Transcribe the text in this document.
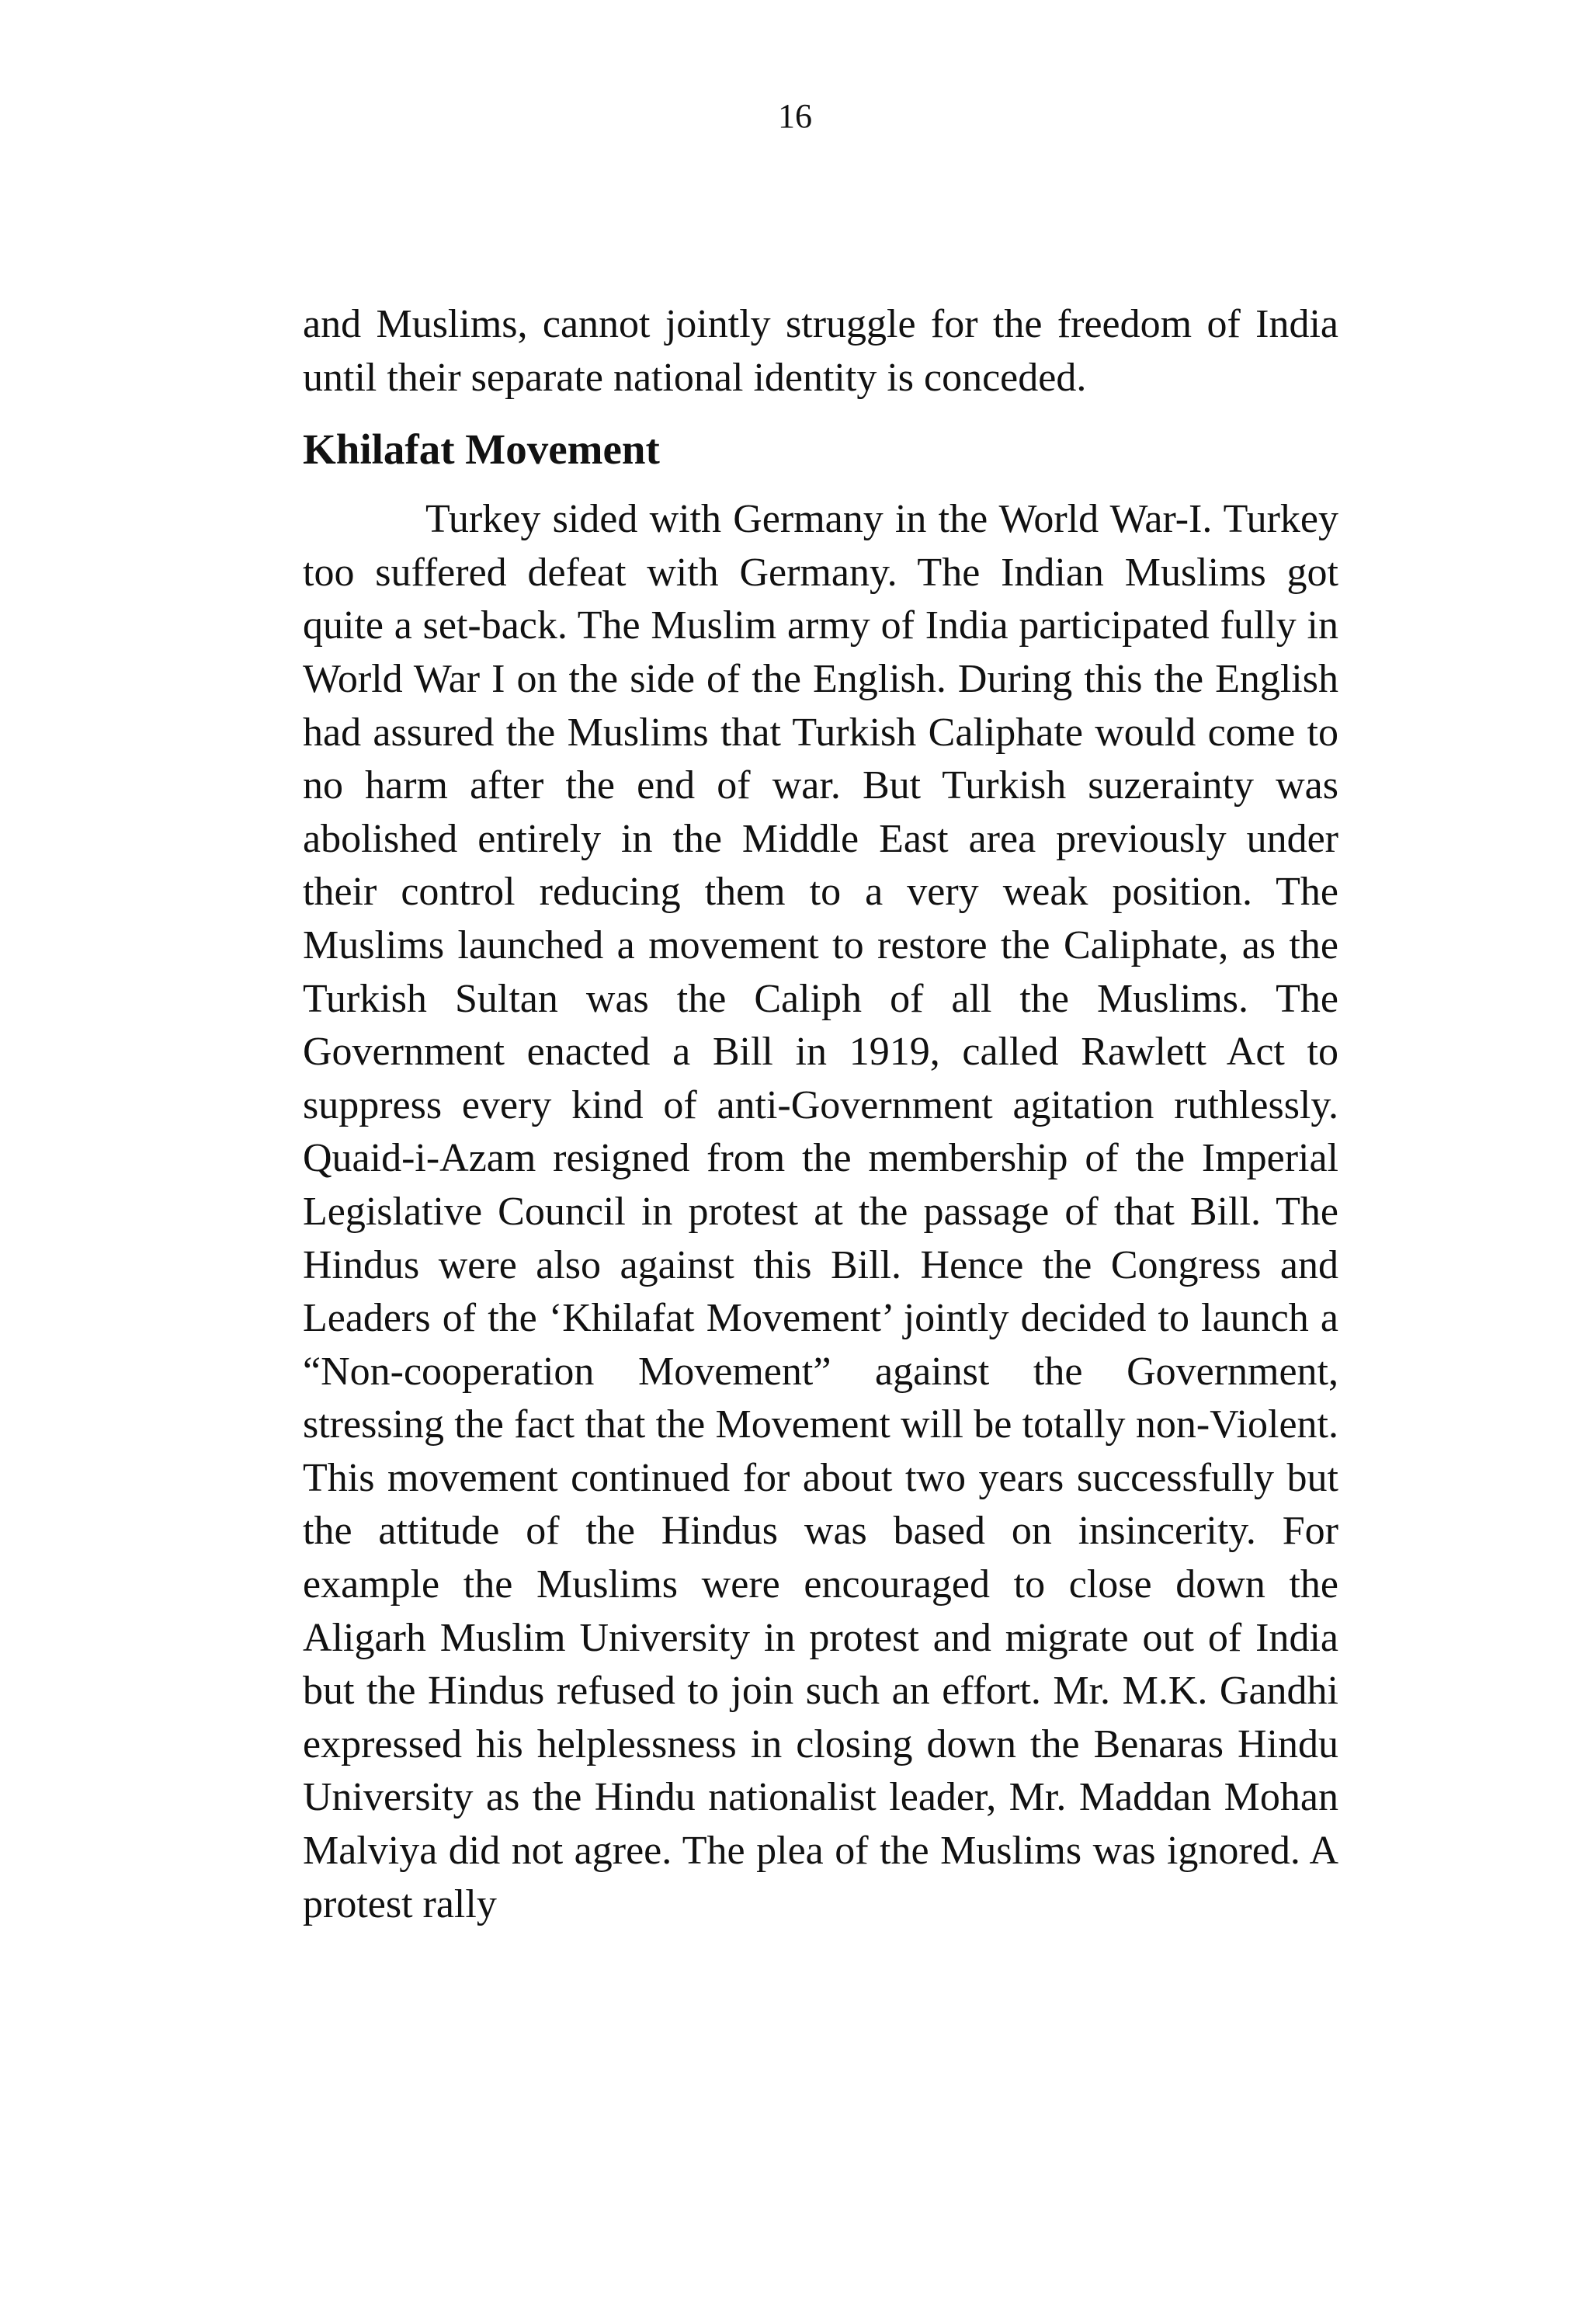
16

and Muslims, cannot jointly struggle for the freedom of India until their separate national identity is conceded.

Khilafat Movement

Turkey sided with Germany in the World War-I. Turkey too suffered defeat with Germany. The Indian Muslims got quite a set-back. The Muslim army of India participated fully in World War I on the side of the English. During this the English had assured the Muslims that Turkish Caliphate would come to no harm after the end of war. But Turkish suzerainty was abolished entirely in the Middle East area previously under their control reducing them to a very weak position. The Muslims launched a movement to restore the Caliphate, as the Turkish Sultan was the Caliph of all the Muslims. The Government enacted a Bill in 1919, called Rawlett Act to suppress every kind of anti-Government agitation ruthlessly. Quaid-i-Azam resigned from the membership of the Imperial Legislative Council in protest at the passage of that Bill. The Hindus were also against this Bill. Hence the Congress and Leaders of the ‘Khilafat Movement’ jointly decided to launch a “Non-cooperation Movement” against the Government, stressing the fact that the Movement will be totally non-Violent. This movement continued for about two years successfully but the attitude of the Hindus was based on insincerity. For example the Muslims were encouraged to close down the Aligarh Muslim University in protest and migrate out of India but the Hindus refused to join such an effort. Mr. M.K. Gandhi expressed his helplessness in closing down the Benaras Hindu University as the Hindu nationalist leader, Mr. Maddan Mohan Malviya did not agree. The plea of the Muslims was ignored. A protest rally
